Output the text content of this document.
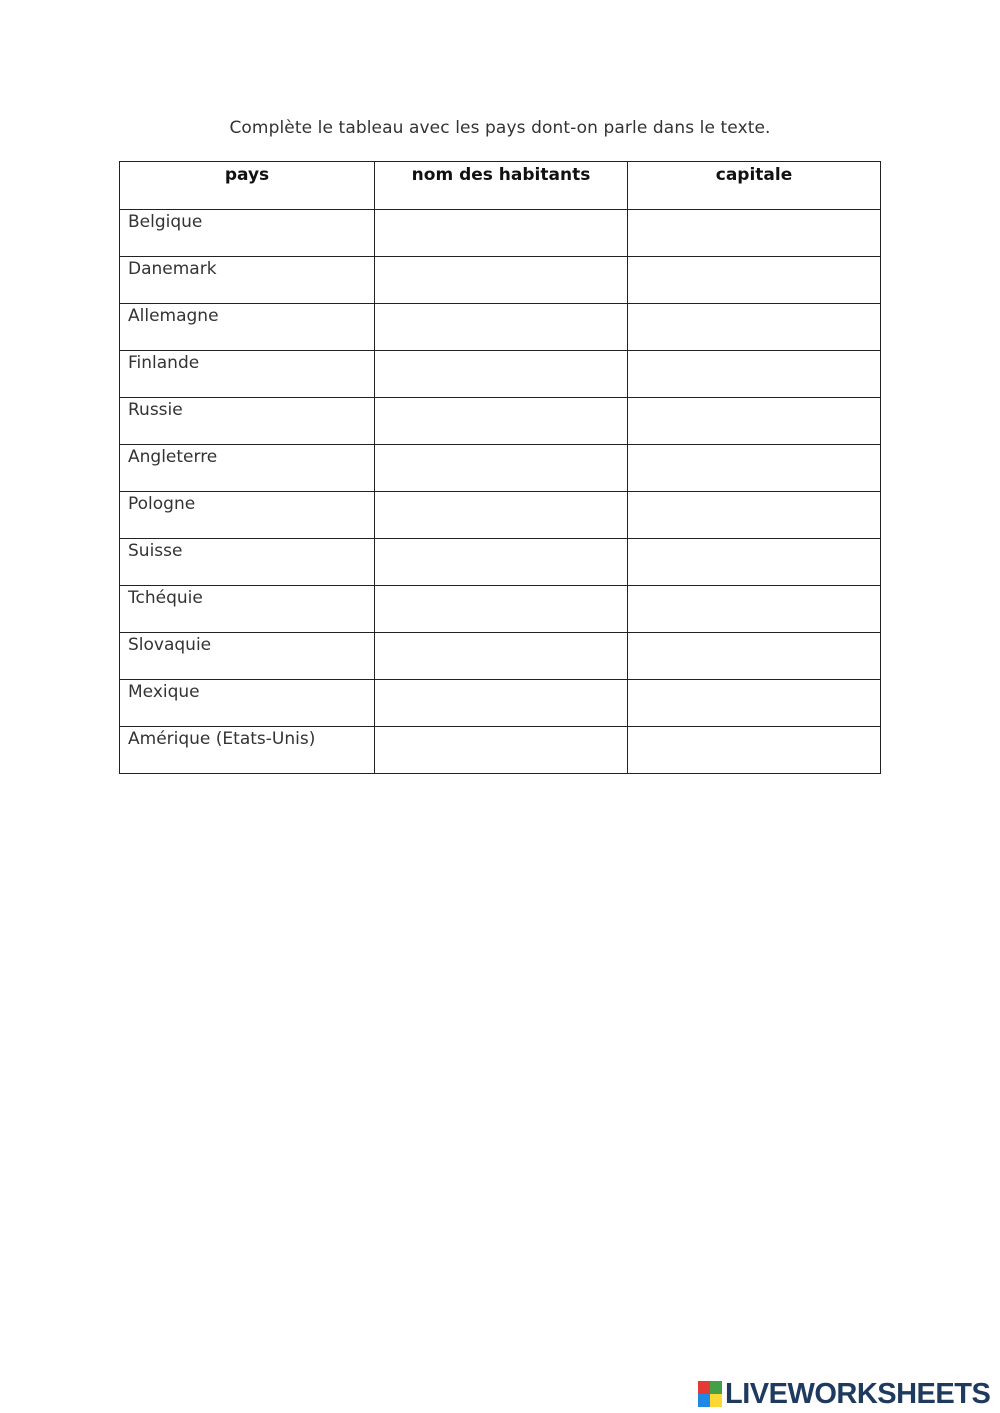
Complète le tableau avec les pays dont-on parle dans le texte.
pays	nom des habitants	capitale
Belgique		
Danemark		
Allemagne		
Finlande		
Russie		
Angleterre		
Pologne		
Suisse		
Tchéquie		
Slovaquie		
Mexique		
Amérique (Etats-Unis)		
LIVEWORKSHEETS
